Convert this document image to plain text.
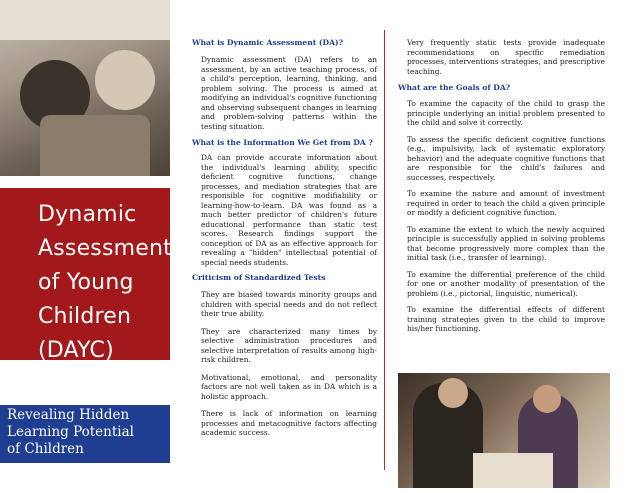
Dynamic
Assessment
of Young
Children
(DAYC)
Revealing Hidden
Learning Potential
of Children
What is Dynamic Assessment (DA)?

Dynamic assessment (DA) refers to an assessment, by an active teaching process, of a child's perception, learning, thinking, and problem solving. The process is aimed at modifying an individual's cognitive functioning and observing subsequent changes in learning and problem-solving patterns within the testing situation.

What is the Information We Get from DA ?

DA can provide accurate information about the individual's learning ability, specific deficient cognitive functions, change processes, and mediation strategies that are responsible for cognitive modifiability or learning-how-to-learn. DA was found as a much better predictor of children's future educational performance than static test scores. Research findings support the conception of DA as an effective approach for revealing a "hidden" intellectual potential of special needs students.

Criticism of Standardized Tests

They are biased towards minority groups and children with special needs and do not reflect their true ability.

They are characterized many times by selective administration procedures and selective interpretation of results among high-risk children.

Motivational, emotional, and personality factors are not well taken as in DA which is a holistic approach.

There is lack of information on learning processes and metacognitive factors affecting academic success.

Very frequently static tests provide inadequate recommendations on specific remediation processes, interventions strategies, and prescriptive teaching.

What are the Goals of DA?

To examine the capacity of the child to grasp the principle underlying an initial problem presented to the child and solve it correctly.

To assess the specific deficient cognitive functions (e.g., impulsivity, lack of systematic exploratory behavior) and the adequate cognitive functions that are responsible for the child's failures and successes, respectively.

To examine the nature and amount of investment required in order to teach the child a given principle or modify a deficient cognitive function.

To examine the extent to which the newly acquired principle is successfully applied in solving problems that become progressively more complex than the initial task (i.e., transfer of learning).

To examine the differential preference of the child for one or another modality of presentation of the problem (i.e., pictorial, linguistic, numerical).

To examine the differential effects of different training strategies given to the child to improve his/her functioning.
